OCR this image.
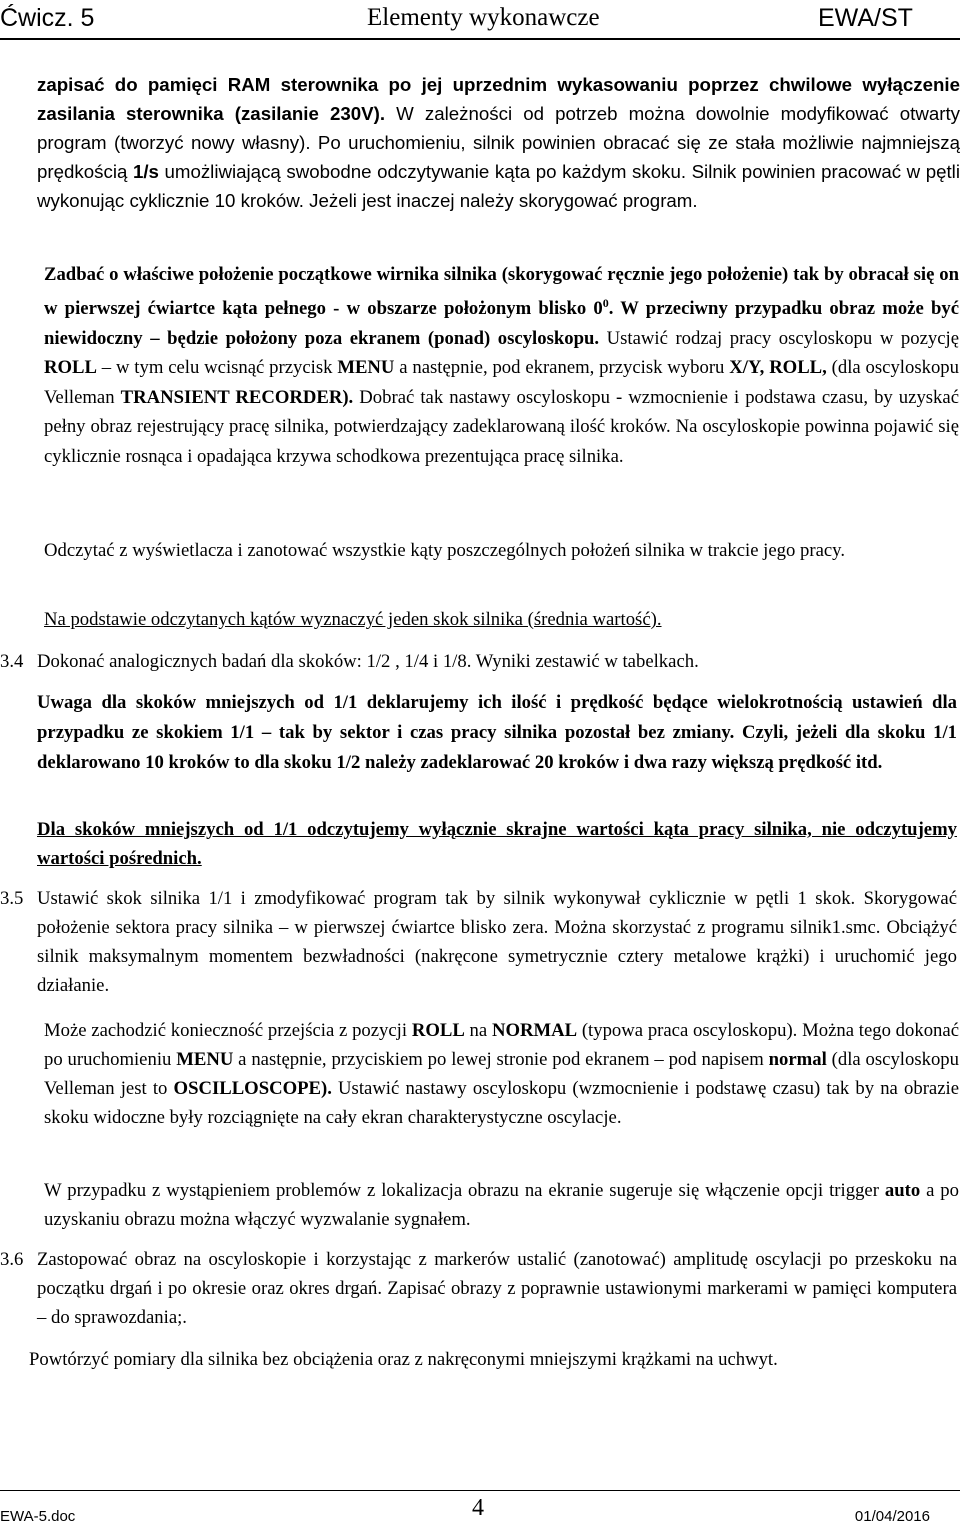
Ćwicz. 5	Elementy wykonawcze	EWA/ST
zapisać do pamięci RAM sterownika po jej uprzednim wykasowaniu poprzez chwilowe wyłączenie zasilania sterownika (zasilanie 230V). W zależności od potrzeb można dowolnie modyfikować otwarty program (tworzyć nowy własny). Po uruchomieniu, silnik powinien obracać się ze stała możliwie najmniejszą prędkością 1/s umożliwiającą swobodne odczytywanie kąta po każdym skoku. Silnik powinien pracować w pętli wykonując cyklicznie 10 kroków. Jeżeli jest inaczej należy skorygować program.
Zadbać o właściwe położenie początkowe wirnika silnika (skorygować ręcznie jego położenie) tak by obracał się on w pierwszej ćwiartce kąta pełnego - w obszarze położonym blisko $0^0$. W przeciwny przypadku obraz może być niewidoczny – będzie położony poza ekranem (ponad) oscyloskopu. Ustawić rodzaj pracy oscyloskopu w pozycję ROLL – w tym celu wcisnąć przycisk MENU a następnie, pod ekranem, przycisk wyboru X/Y, ROLL, (dla oscyloskopu Velleman TRANSIENT RECORDER). Dobrać tak nastawy oscyloskopu - wzmocnienie i podstawa czasu, by uzyskać pełny obraz rejestrujący pracę silnika, potwierdzający zadeklarowaną ilość kroków. Na oscyloskopie powinna pojawić się cyklicznie rosnąca i opadająca krzywa schodkowa prezentująca pracę silnika.
Odczytać z wyświetlacza i zanotować wszystkie kąty poszczególnych położeń silnika w trakcie jego pracy.
Na podstawie odczytanych kątów wyznaczyć jeden skok silnika (średnia wartość).
3.4 Dokonać analogicznych badań dla skoków: 1/2 , 1/4 i 1/8. Wyniki zestawić w tabelkach.
Uwaga dla skoków mniejszych od 1/1 deklarujemy ich ilość i prędkość będące wielokrotnością ustawień dla przypadku ze skokiem 1/1 – tak by sektor i czas pracy silnika pozostał bez zmiany. Czyli, jeżeli dla skoku 1/1 deklarowano 10 kroków to dla skoku 1/2 należy zadeklarować 20 kroków i dwa razy większą prędkość itd.
Dla skoków mniejszych od 1/1 odczytujemy wyłącznie skrajne wartości kąta pracy silnika, nie odczytujemy wartości pośrednich.
3.5 Ustawić skok silnika 1/1 i zmodyfikować program tak by silnik wykonywał cyklicznie w pętli 1 skok. Skorygować położenie sektora pracy silnika – w pierwszej ćwiartce blisko zera. Można skorzystać z programu silnik1.smc. Obciążyć silnik maksymalnym momentem bezwładności (nakręcone symetrycznie cztery metalowe krążki) i uruchomić jego działanie.
Może zachodzić konieczność przejścia z pozycji ROLL na NORMAL (typowa praca oscyloskopu). Można tego dokonać po uruchomieniu MENU a następnie, przyciskiem po lewej stronie pod ekranem – pod napisem normal (dla oscyloskopu Velleman jest to OSCILLOSCOPE). Ustawić nastawy oscyloskopu (wzmocnienie i podstawę czasu) tak by na obrazie skoku widoczne były rozciągnięte na cały ekran charakterystyczne oscylacje.
W przypadku z wystąpieniem problemów z lokalizacja obrazu na ekranie sugeruje się włączenie opcji trigger auto a po uzyskaniu obrazu można włączyć wyzwalanie sygnałem.
3.6 Zastopować obraz na oscyloskopie i korzystając z markerów ustalić (zanotować) amplitudę oscylacji po przeskoku na początku drgań i po okresie oraz okres drgań. Zapisać obrazy z poprawnie ustawionymi markerami w pamięci komputera – do sprawozdania;.
Powtórzyć pomiary dla silnika bez obciążenia oraz z nakręconymi mniejszymi krążkami na uchwyt.
EWA-5.doc	4	01/04/2016
